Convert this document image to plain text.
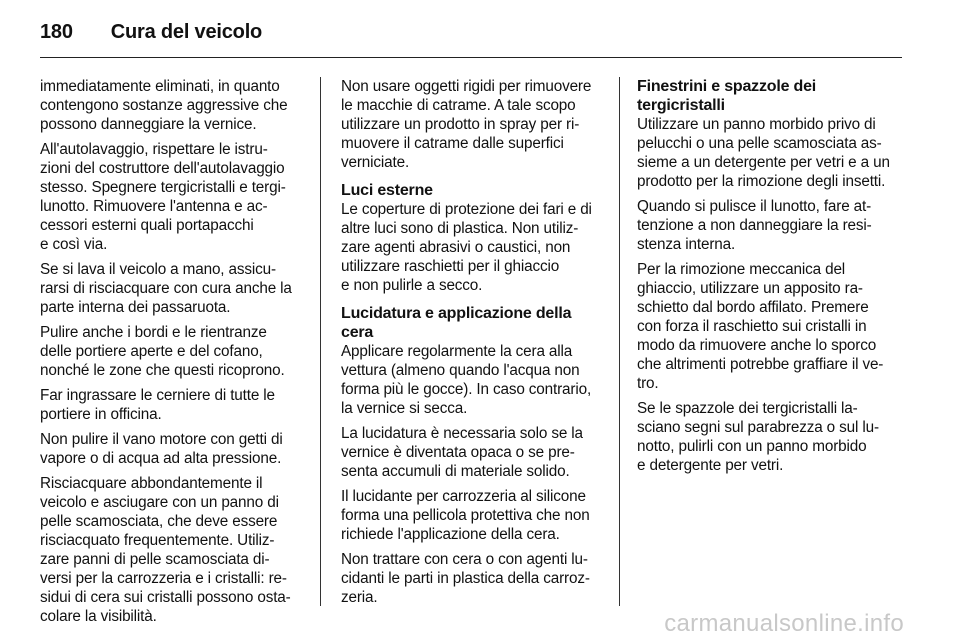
180 Cura del veicolo

immediatamente eliminati, in quanto
contengono sostanze aggressive che
possono danneggiare la vernice.

All'autolavaggio, rispettare le istru-
zioni del costruttore dell'autolavaggio
stesso. Spegnere tergicristalli e tergi-
lunotto. Rimuovere l'antenna e ac-
cessori esterni quali portapacchi
e così via.

Se si lava il veicolo a mano, assicu-
rarsi di risciacquare con cura anche la
parte interna dei passaruota.

Pulire anche i bordi e le rientranze
delle portiere aperte e del cofano,
nonché le zone che questi ricoprono.

Far ingrassare le cerniere di tutte le
portiere in officina.

Non pulire il vano motore con getti di
vapore o di acqua ad alta pressione.

Risciacquare abbondantemente il
veicolo e asciugare con un panno di
pelle scamosciata, che deve essere
risciacquato frequentemente. Utiliz-
zare panni di pelle scamosciata di-
versi per la carrozzeria e i cristalli: re-
sidui di cera sui cristalli possono osta-
colare la visibilità.

Non usare oggetti rigidi per rimuovere
le macchie di catrame. A tale scopo
utilizzare un prodotto in spray per ri-
muovere il catrame dalle superfici
verniciate.

Luci esterne

Le coperture di protezione dei fari e di
altre luci sono di plastica. Non utiliz-
zare agenti abrasivi o caustici, non
utilizzare raschietti per il ghiaccio
e non pulirle a secco.

Lucidatura e applicazione della
cera

Applicare regolarmente la cera alla
vettura (almeno quando l'acqua non
forma più le gocce). In caso contrario,
la vernice si secca.

La lucidatura è necessaria solo se la
vernice è diventata opaca o se pre-
senta accumuli di materiale solido.

Il lucidante per carrozzeria al silicone
forma una pellicola protettiva che non
richiede l'applicazione della cera.

Non trattare con cera o con agenti lu-
cidanti le parti in plastica della carroz-
zeria.

Finestrini e spazzole dei
tergicristalli

Utilizzare un panno morbido privo di
pelucchi o una pelle scamosciata as-
sieme a un detergente per vetri e a un
prodotto per la rimozione degli insetti.

Quando si pulisce il lunotto, fare at-
tenzione a non danneggiare la resi-
stenza interna.

Per la rimozione meccanica del
ghiaccio, utilizzare un apposito ra-
schietto dal bordo affilato. Premere
con forza il raschietto sui cristalli in
modo da rimuovere anche lo sporco
che altrimenti potrebbe graffiare il ve-
tro.

Se le spazzole dei tergicristalli la-
sciano segni sul parabrezza o sul lu-
notto, pulirli con un panno morbido
e detergente per vetri.

carmanualsonline.info
